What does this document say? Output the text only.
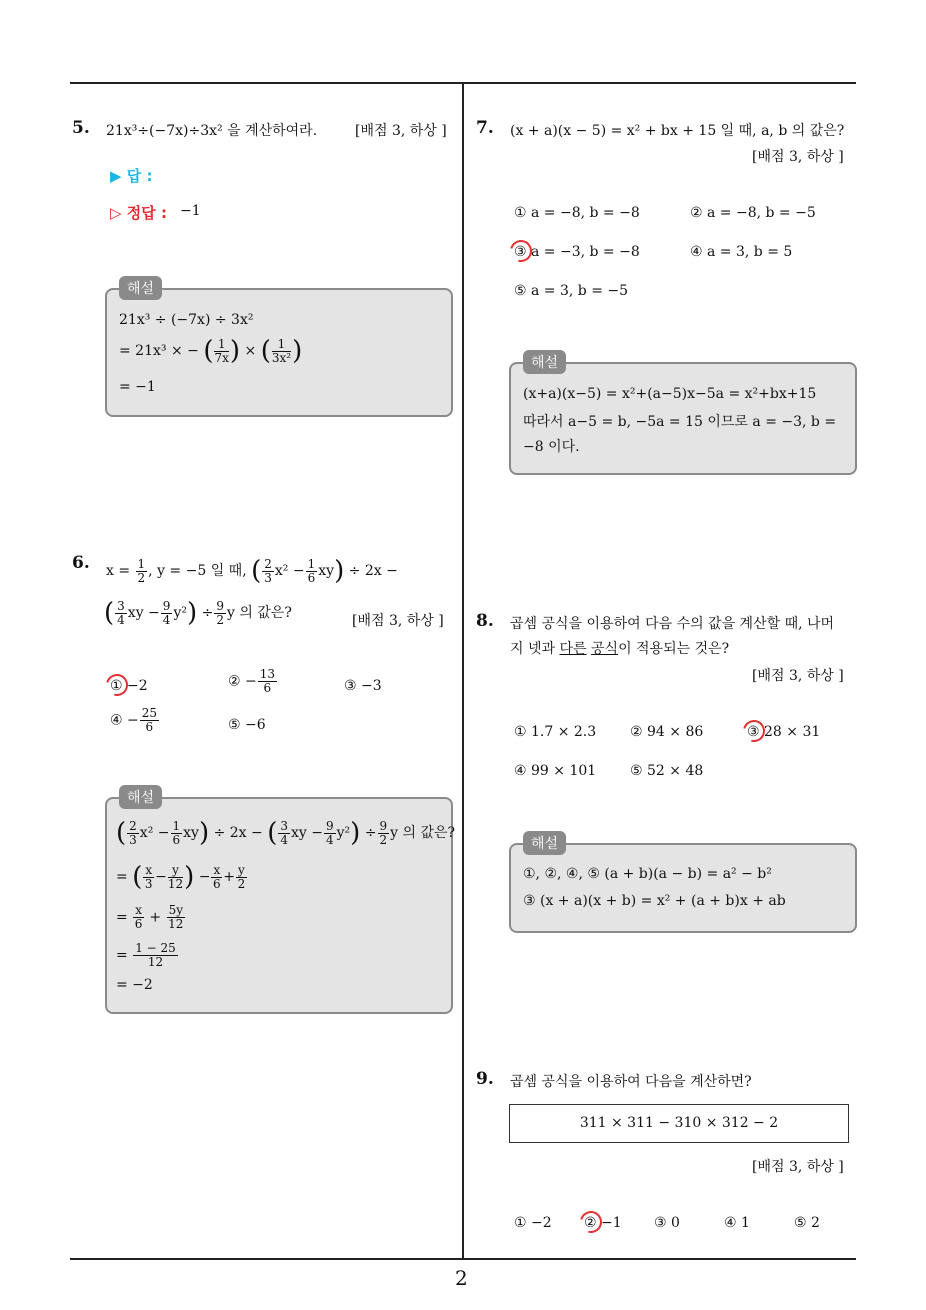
2
5. 21x³÷(−7x)÷3x² 을 계산하여라.	[배점 3, 하상 ]
▶ 답 :
▷ 정답 : −1
해설
21x³ ÷ (−7x) ÷ 3x²
= 21x³ × − ( $\frac{1}{7x}$ ) × ( $\frac{1}{\text{3x²}}$ )
= −1
6. $x = \frac{1}{2}$ , y = −5 일 때, ( $\frac{2}{3} x^2 - \frac{1}{6} xy) \div 2x$ −
( $\frac{3}{4}$ xy − $\frac{9}{4} y^2) \div \frac{9}{2}$ y 의 값은?	[배점 3, 하상 ]
① −2	② − $\frac{13}{6}$	③ −3
④ − $\frac{25}{6}$	⑤ −6
해설
( $\frac{2}{3} x^2 - \frac{1}{6} xy) \div 2x$ − ( $\frac{3}{4}$ xy − $\frac{9}{4} y^2) \div \frac{9}{2}$ y 의 값은?
= ( $\frac{x}{3} - \frac{y}{12}$ ) − $\frac{x}{6} + \frac{y}{2}$
= $\frac{x}{6} + \frac{5y}{12}$
= $\frac{1 - 25}{12}$
= −2
7. (x + a)(x − 5) = x² + bx + 15 일 때, a, b 의 값은?
[배점 3, 하상 ]
① a = −8, b = −8	② a = −8, b = −5
③ a = −3, b = −8	④ a = 3, b = 5
⑤ a = 3, b = −5
해설
(x+a)(x−5) = x²+(a−5)x−5a = x²+bx+15
따라서 a−5 = b, −5a = 15 이므로 a = −3, b =
−8 이다.
8. 곱셈 공식을 이용하여 다음 수의 값을 계산할 때, 나머
지 넷과 다른 공식이 적용되는 것은?
[배점 3, 하상 ]
① 1.7 × 2.3 ② 94 × 86	③ 28 × 31
④ 99 × 101 ⑤ 52 × 48
해설
①, ②, ④, ⑤ (a + b)(a − b) = a² − b²
③ (x + a)(x + b) = x² + (a + b)x + ab
9. 곱셈 공식을 이용하여 다음을 계산하면?
311 × 311 − 310 × 312 − 2
[배점 3, 하상 ]
① −2 ② −1 ③ 0	④ 1	⑤ 2
